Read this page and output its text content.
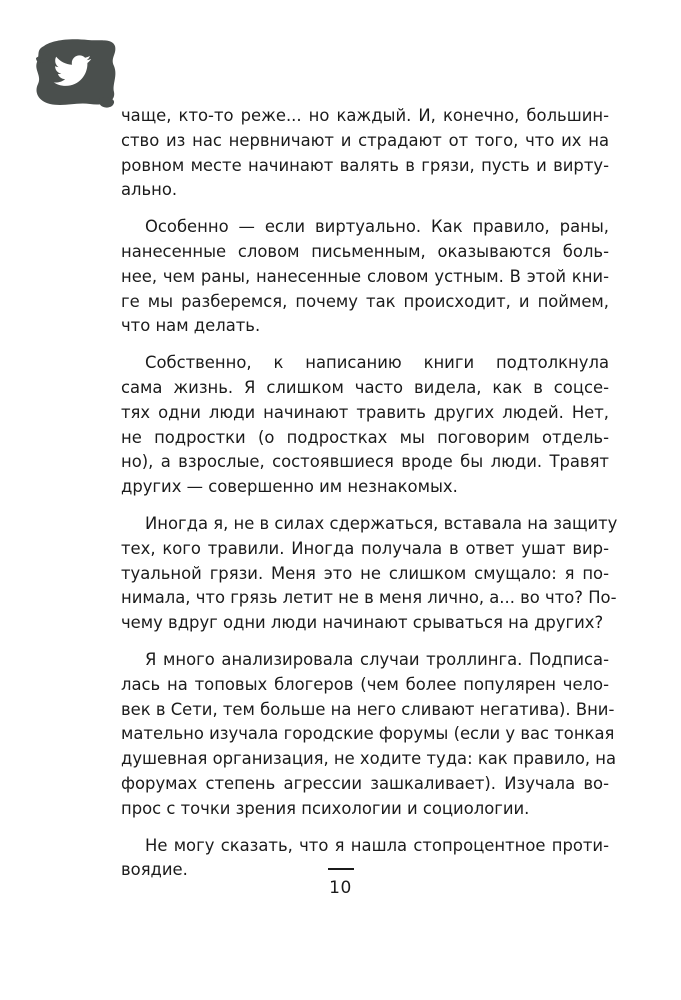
чаще, кто-то реже... но каждый. И, конечно, большин-
ство из нас нервничают и страдают от того, что их на
ровном месте начинают валять в грязи, пусть и вирту-
ально.
Особенно — если виртуально. Как правило, раны,
нанесенные словом письменным, оказываются боль-
нее, чем раны, нанесенные словом устным. В этой кни-
ге мы разберемся, почему так происходит, и поймем,
что нам делать.
Собственно, к написанию книги подтолкнула
сама жизнь. Я слишком часто видела, как в соцсе-
тях одни люди начинают травить других людей. Нет,
не подростки (о подростках мы поговорим отдель-
но), а взрослые, состоявшиеся вроде бы люди. Травят
других — совершенно им незнакомых.
Иногда я, не в силах сдержаться, вставала на защиту
тех, кого травили. Иногда получала в ответ ушат вир-
туальной грязи. Меня это не слишком смущало: я по-
нимала, что грязь летит не в меня лично, а... во что? По-
чему вдруг одни люди начинают срываться на других?
Я много анализировала случаи троллинга. Подписа-
лась на топовых блогеров (чем более популярен чело-
век в Сети, тем больше на него сливают негатива). Вни-
мательно изучала городские форумы (если у вас тонкая
душевная организация, не ходите туда: как правило, на
форумах степень агрессии зашкаливает). Изучала во-
прос с точки зрения психологии и социологии.
Не могу сказать, что я нашла стопроцентное проти-
воядие.
10
